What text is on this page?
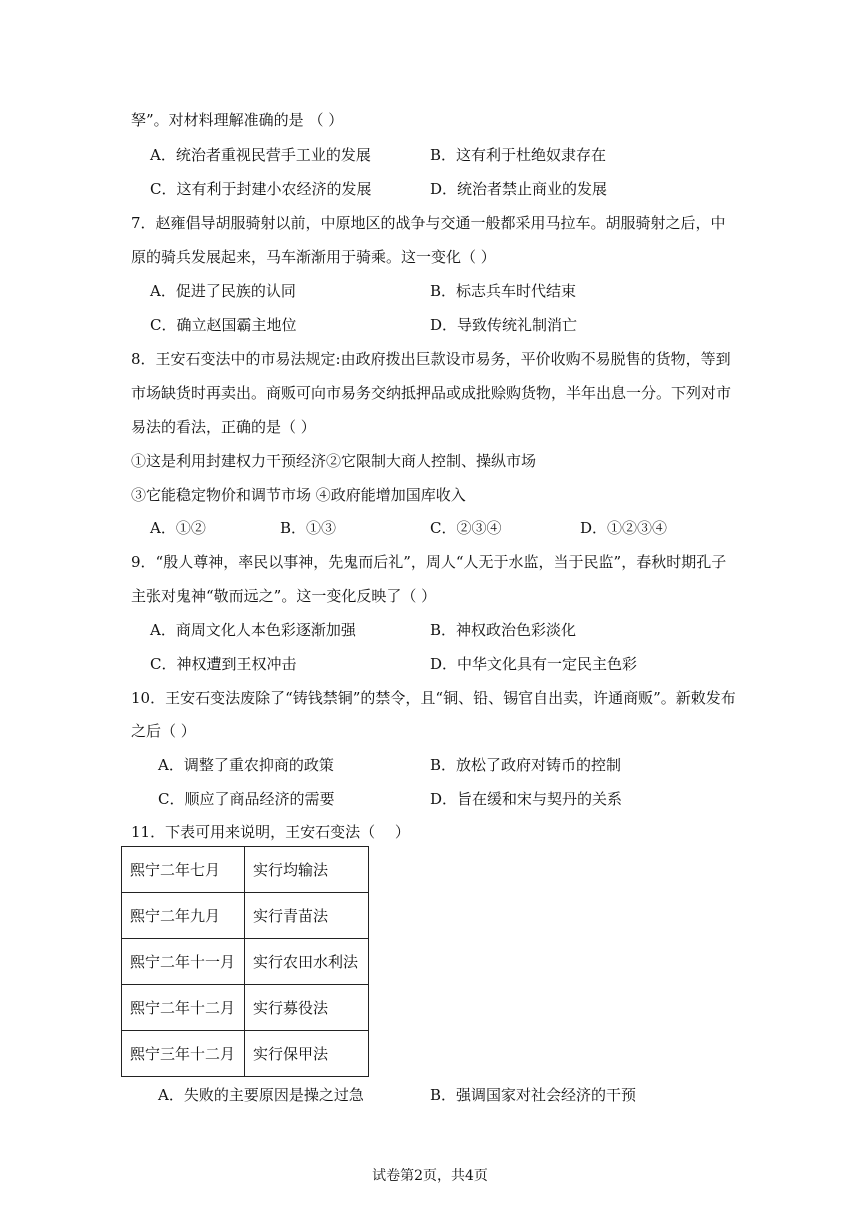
孥”。对材料理解准确的是 （ ）
A．统治者重视民营手工业的发展	B．这有利于杜绝奴隶存在
C．这有利于封建小农经济的发展	D．统治者禁止商业的发展
7．赵雍倡导胡服骑射以前，中原地区的战争与交通一般都采用马拉车。胡服骑射之后，中
原的骑兵发展起来，马车渐渐用于骑乘。这一变化（ ）
A．促进了民族的认同	B．标志兵车时代结束
C．确立赵国霸主地位	D．导致传统礼制消亡
8．王安石变法中的市易法规定:由政府拨出巨款设市易务，平价收购不易脱售的货物，等到
市场缺货时再卖出。商贩可向市易务交纳抵押品或成批赊购货物，半年出息一分。下列对市
易法的看法，正确的是（ ）
①这是利用封建权力干预经济②它限制大商人控制、操纵市场
③它能稳定物价和调节市场 ④政府能增加国库收入
A．①②	B．①③	C．②③④	D．①②③④
9．“殷人尊神，率民以事神，先鬼而后礼”，周人“人无于水监，当于民监”，春秋时期孔子
主张对鬼神“敬而远之”。这一变化反映了（ ）
A．商周文化人本色彩逐渐加强	B．神权政治色彩淡化
C．神权遭到王权冲击	D．中华文化具有一定民主色彩
10．王安石变法废除了“铸钱禁铜”的禁令，且“铜、铅、锡官自出卖，许通商贩”。新敕发布
之后（ ）
A．调整了重农抑商的政策	B．放松了政府对铸币的控制
C．顺应了商品经济的需要	D．旨在缓和宋与契丹的关系
11．下表可用来说明，王安石变法（　 ）
熙宁二年七月	实行均输法
熙宁二年九月	实行青苗法
熙宁二年十一月	实行农田水利法
熙宁二年十二月	实行募役法
熙宁三年十二月	实行保甲法
A．失败的主要原因是操之过急	B．强调国家对社会经济的干预
试卷第2页，共4页
